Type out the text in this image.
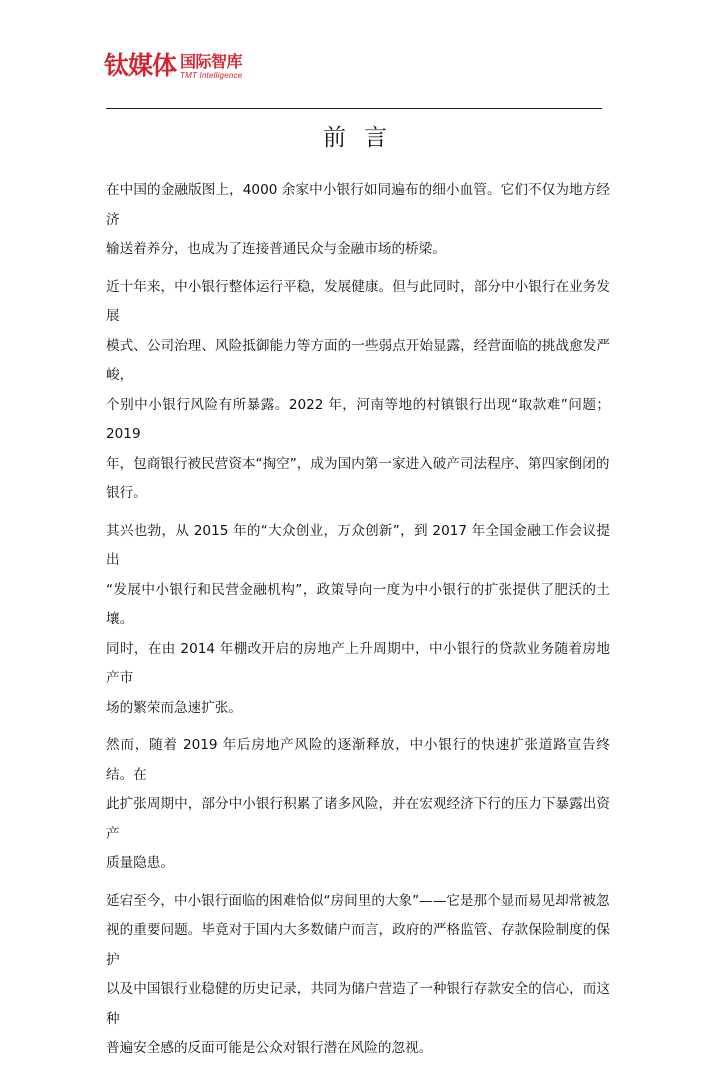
钛媒体 国际智库
TMT Intelligence
前言

在中国的金融版图上，4000 余家中小银行如同遍布的细小血管。它们不仅为地方经济
输送着养分，也成为了连接普通民众与金融市场的桥梁。

近十年来，中小银行整体运行平稳，发展健康。但与此同时，部分中小银行在业务发展
模式、公司治理、风险抵御能力等方面的一些弱点开始显露，经营面临的挑战愈发严峻，
个别中小银行风险有所暴露。2022 年，河南等地的村镇银行出现“取款难”问题；2019
年，包商银行被民营资本“掏空”，成为国内第一家进入破产司法程序、第四家倒闭的
银行。

其兴也勃，从 2015 年的“大众创业，万众创新”，到 2017 年全国金融工作会议提出
“发展中小银行和民营金融机构”，政策导向一度为中小银行的扩张提供了肥沃的土壤。
同时，在由 2014 年棚改开启的房地产上升周期中，中小银行的贷款业务随着房地产市
场的繁荣而急速扩张。

然而，随着 2019 年后房地产风险的逐渐释放，中小银行的快速扩张道路宣告终结。在
此扩张周期中，部分中小银行积累了诸多风险，并在宏观经济下行的压力下暴露出资产
质量隐患。

延宕至今，中小银行面临的困难恰似“房间里的大象”——它是那个显而易见却常被忽
视的重要问题。毕竟对于国内大多数储户而言，政府的严格监管、存款保险制度的保护
以及中国银行业稳健的历史记录，共同为储户营造了一种银行存款安全的信心，而这种
普遍安全感的反面可能是公众对银行潜在风险的忽视。
